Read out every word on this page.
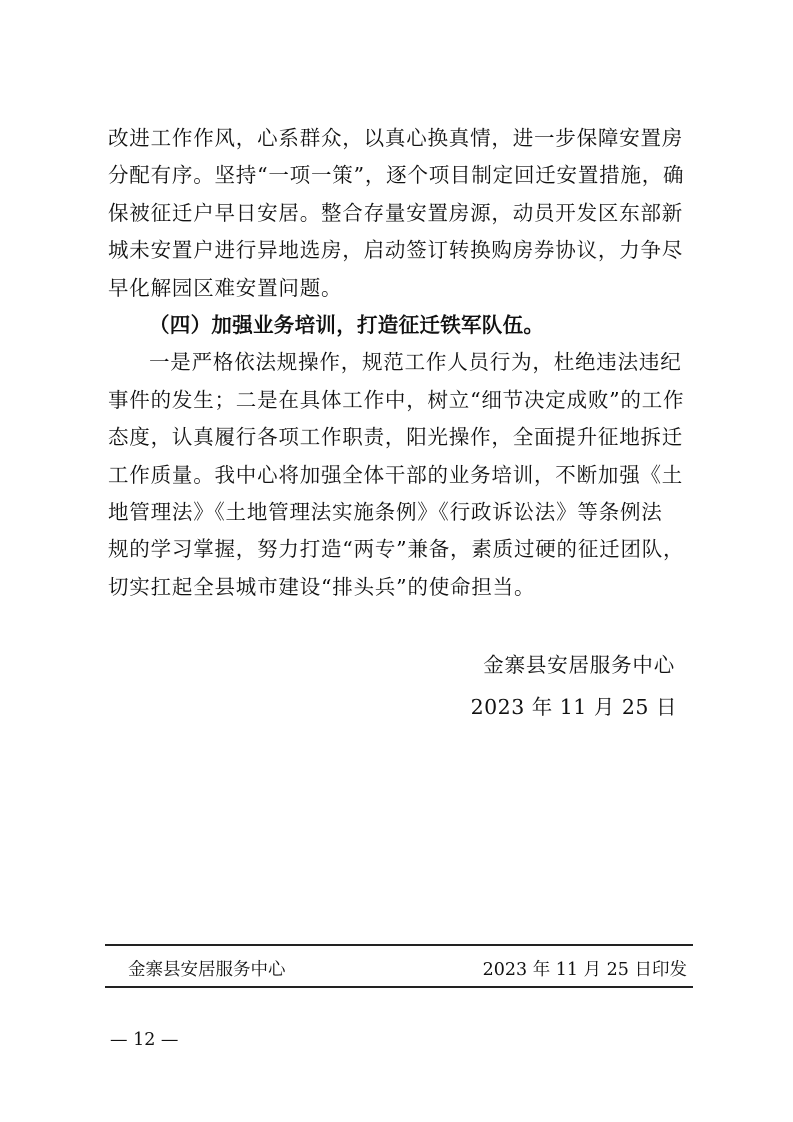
改进工作作风，心系群众，以真心换真情，进一步保障安置房
分配有序。坚持“一项一策”，逐个项目制定回迁安置措施，确
保被征迁户早日安居。整合存量安置房源，动员开发区东部新
城未安置户进行异地选房，启动签订转换购房券协议，力争尽
早化解园区难安置问题。
（四）加强业务培训，打造征迁铁军队伍。
一是严格依法规操作，规范工作人员行为，杜绝违法违纪
事件的发生；二是在具体工作中，树立“细节决定成败”的工作
态度，认真履行各项工作职责，阳光操作，全面提升征地拆迁
工作质量。我中心将加强全体干部的业务培训，不断加强《土
地管理法》《土地管理法实施条例》《行政诉讼法》等条例法
规的学习掌握，努力打造“两专”兼备，素质过硬的征迁团队，
切实扛起全县城市建设“排头兵”的使命担当。
金寨县安居服务中心
2023 年 11 月 25 日
金寨县安居服务中心	2023 年 11 月 25 日印发
— 12 —
